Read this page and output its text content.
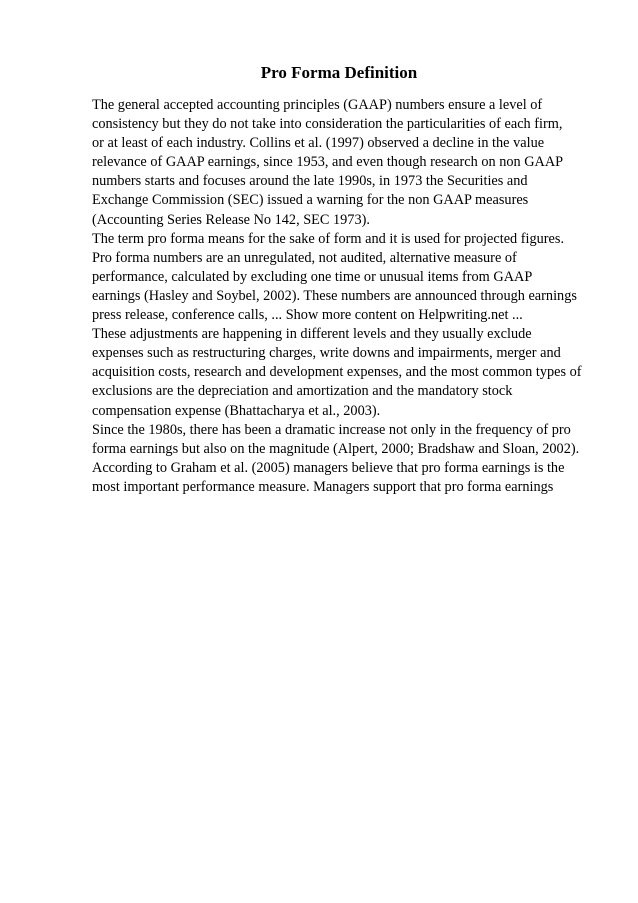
Pro Forma Definition
The general accepted accounting principles (GAAP) numbers ensure a level of
consistency but they do not take into consideration the particularities of each firm,
or at least of each industry. Collins et al. (1997) observed a decline in the value
relevance of GAAP earnings, since 1953, and even though research on non GAAP
numbers starts and focuses around the late 1990s, in 1973 the Securities and
Exchange Commission (SEC) issued a warning for the non GAAP measures
(Accounting Series Release No 142, SEC 1973).
The term pro forma means for the sake of form and it is used for projected figures.
Pro forma numbers are an unregulated, not audited, alternative measure of
performance, calculated by excluding one time or unusual items from GAAP
earnings (Hasley and Soybel, 2002). These numbers are announced through earnings
press release, conference calls, ... Show more content on Helpwriting.net ...
These adjustments are happening in different levels and they usually exclude
expenses such as restructuring charges, write downs and impairments, merger and
acquisition costs, research and development expenses, and the most common types of
exclusions are the depreciation and amortization and the mandatory stock
compensation expense (Bhattacharya et al., 2003).
Since the 1980s, there has been a dramatic increase not only in the frequency of pro
forma earnings but also on the magnitude (Alpert, 2000; Bradshaw and Sloan, 2002).
According to Graham et al. (2005) managers believe that pro forma earnings is the
most important performance measure. Managers support that pro forma earnings
